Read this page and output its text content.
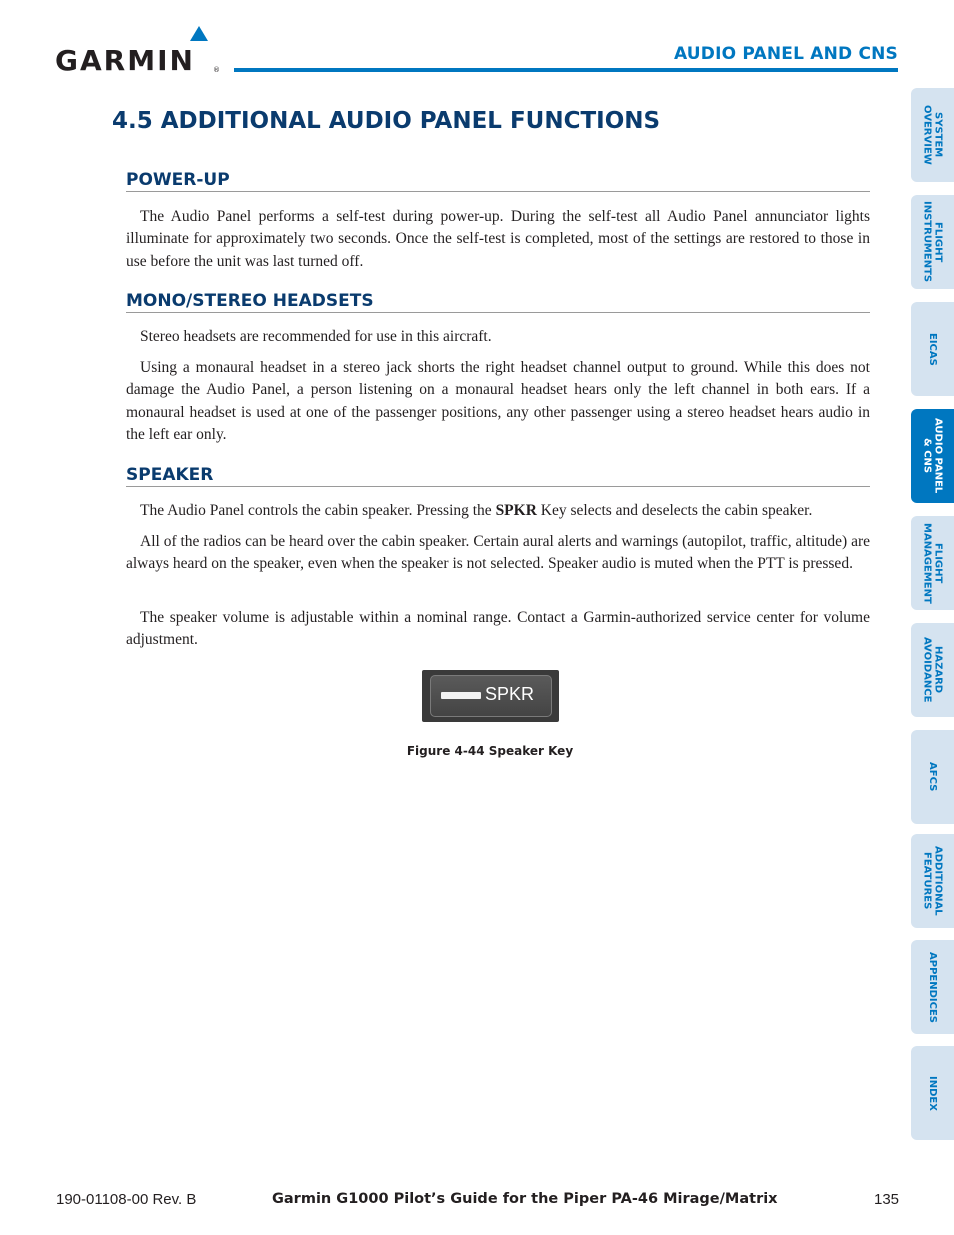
GARMIN	®
AUDIO PANEL AND CNS
4.5 ADDITIONAL AUDIO PANEL FUNCTIONS
POWER-UP

The Audio Panel performs a self-test during power-up. During the self-test all Audio Panel annunciator lights illuminate for approximately two seconds. Once the self-test is completed, most of the settings are restored to those in use before the unit was last turned off.

MONO/STEREO HEADSETS

Stereo headsets are recommended for use in this aircraft.

Using a monaural headset in a stereo jack shorts the right headset channel output to ground. While this does not damage the Audio Panel, a person listening on a monaural headset hears only the left channel in both ears. If a monaural headset is used at one of the passenger positions, any other passenger using a stereo headset hears audio in the left ear only.

SPEAKER

The Audio Panel controls the cabin speaker. Pressing the SPKR Key selects and deselects the cabin speaker.

All of the radios can be heard over the cabin speaker. Certain aural alerts and warnings (autopilot, traffic, altitude) are always heard on the speaker, even when the speaker is not selected. Speaker audio is muted when the PTT is pressed.

The speaker volume is adjustable within a nominal range. Contact a Garmin-authorized service center for volume adjustment.

SPKR
Figure 4-44 Speaker Key
SYSTEM
OVERVIEW
FLIGHT
INSTRUMENTS
EICAS
AUDIO PANEL
& CNS
FLIGHT
MANAGEMENT
HAZARD
AVOIDANCE
AFCS
ADDITIONAL
FEATURES
APPENDICES
INDEX
190-01108-00 Rev. B	Garmin G1000 Pilot’s Guide for the Piper PA-46 Mirage/Matrix	135
